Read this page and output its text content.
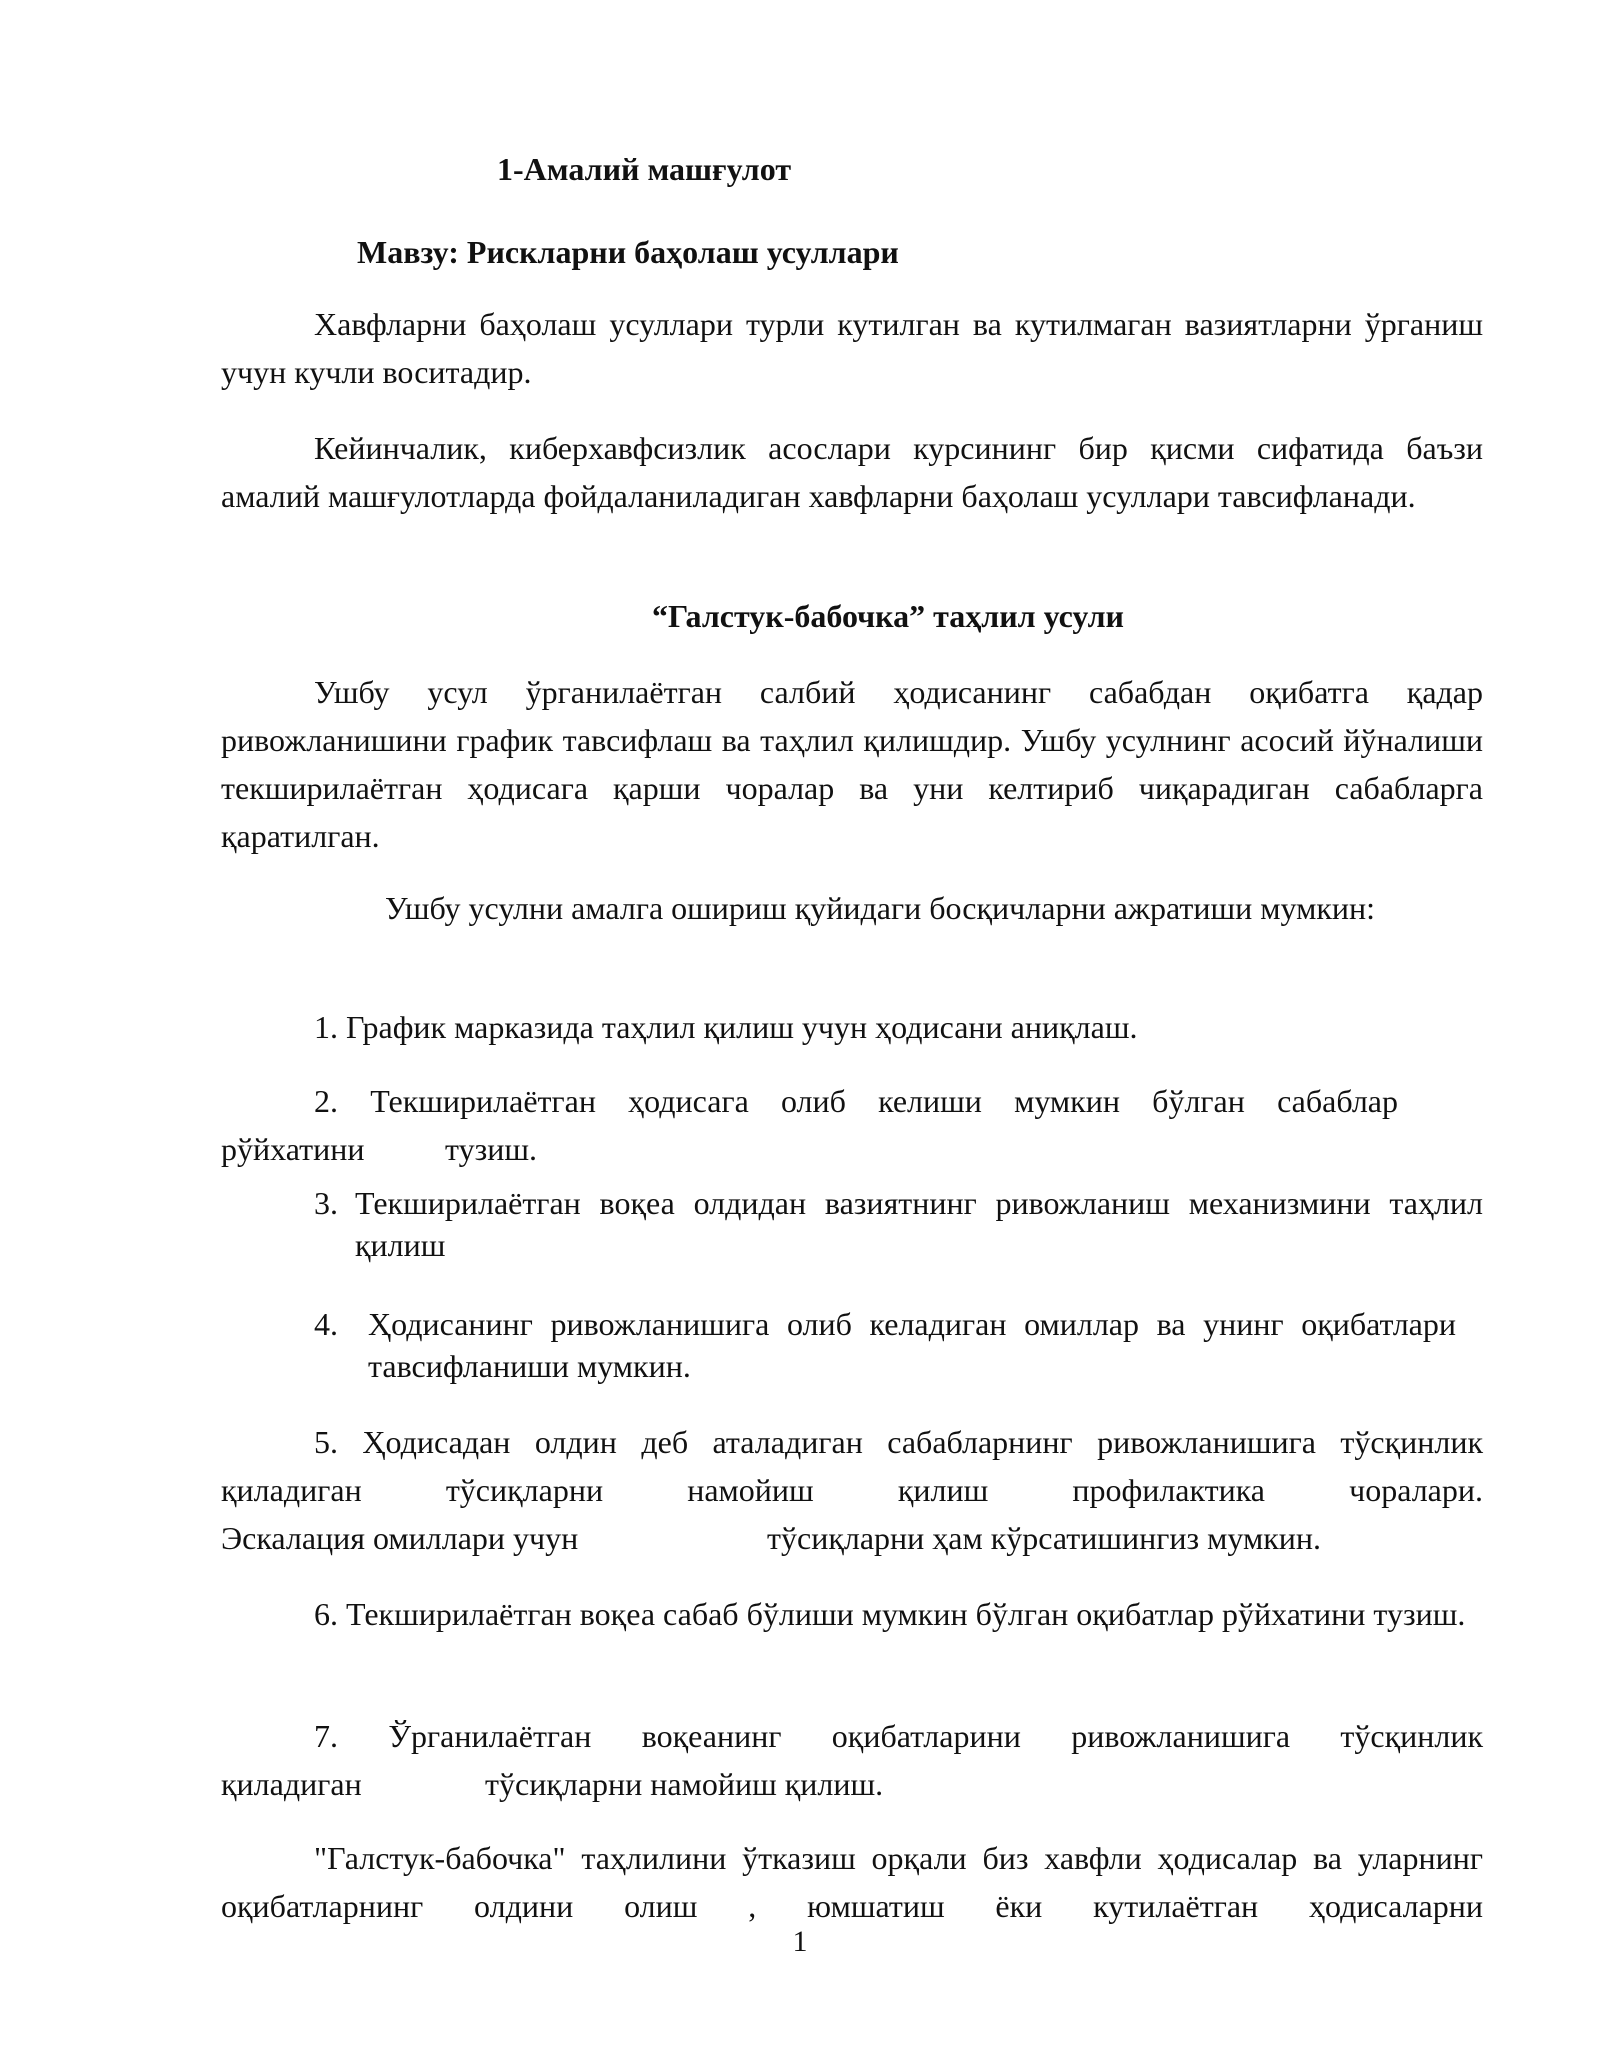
1-Амалий машғулот
Мавзу: Рискларни баҳолаш усуллари

Хавфларни баҳолаш усуллари турли кутилган ва кутилмаган вазиятларни ўрганиш учун кучли воситадир.

Кейинчалик, киберхавфсизлик асослари курсининг бир қисми сифатида баъзи амалий машғулотларда фойдаланиладиган хавфларни баҳолаш усуллари тавсифланади.

“Галстук-бабочка” таҳлил усули

Ушбу усул ўрганилаётган салбий ҳодисанинг сабабдан оқибатга қадар ривожланишини график тавсифлаш ва таҳлил қилишдир. Ушбу усулнинг асосий йўналиши текширилаётган ҳодисага қарши чоралар ва уни келтириб чиқарадиган сабабларга қаратилган.

Ушбу усулни амалга ошириш қуйидаги босқичларни ажратиши мумкин:

1. График марказида таҳлил қилиш учун ҳодисани аниқлаш.
2. Текширилаётган ҳодисага олиб келиши мумкин бўлган сабаблар
рўйхатини	тузиш.
3. Текширилаётган воқеа олдидан вазиятнинг ривожланиш механизмини таҳлил қилиш
4. Ҳодисанинг ривожланишига олиб келадиган омиллар ва унинг оқибатлари тавсифланиши мумкин.

5. Ҳодисадан олдин деб аталадиган сабабларнинг ривожланишига тўсқинлик қиладиган тўсиқларни намойиш қилиш профилактика чоралари.

Эскалация омиллари учун	тўсиқларни ҳам кўрсатишингиз мумкин.

6. Текширилаётган воқеа сабаб бўлиши мумкин бўлган оқибатлар рўйхатини тузиш.

7. Ўрганилаётган воқеанинг оқибатларини ривожланишига тўсқинлик
қиладиган	тўсиқларни намойиш қилиш.

"Галстук-бабочка" таҳлилини ўтказиш орқали биз хавфли ҳодисалар ва уларнинг оқибатларнинг олдини олиш , юмшатиш ёки кутилаётган ҳодисаларни

1
